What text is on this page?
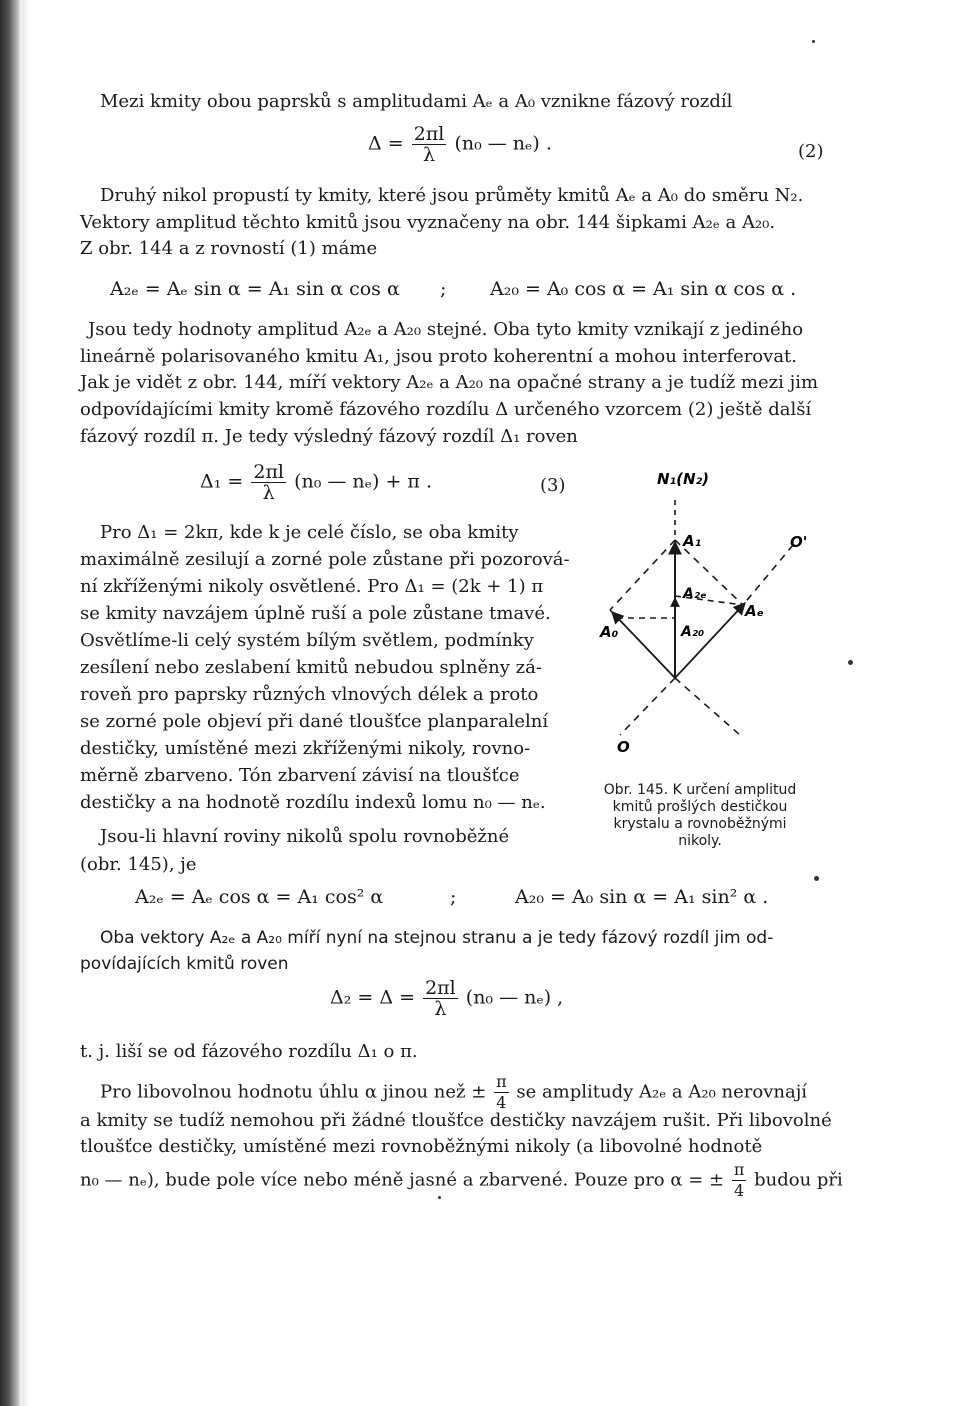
Mezi kmity obou paprsků s amplitudami Aₑ a A₀ vznikne fázový rozdíl
$\Delta = \frac{2\pi l}{\lambda} (n_0$ — nₑ) .	(2)
Druhý nikol propustí ty kmity, které jsou průměty kmitů Aₑ a A₀ do směru N₂.
Vektory amplitud těchto kmitů jsou vyznačeny na obr. 144 šipkami A₂ₑ a A₂₀.
Z obr. 144 a z rovností (1) máme
A₂ₑ = Aₑ sin α = A₁ sin α cos α ; A₂₀ = A₀ cos α = A₁ sin α cos α .
Jsou tedy hodnoty amplitud A₂ₑ a A₂₀ stejné. Oba tyto kmity vznikají z jediného
lineárně polarisovaného kmitu A₁, jsou proto koherentní a mohou interferovat.
Jak je vidět z obr. 144, míří vektory A₂ₑ a A₂₀ na opačné strany a je tudíž mezi jim
odpovídajícími kmity kromě fázového rozdílu Δ určeného vzorcem (2) ještě další
fázový rozdíl π. Je tedy výsledný fázový rozdíl Δ₁ roven
$\Delta_1 = \frac{2\pi l}{\lambda} (n_0$ — nₑ) + π .	(3)
Pro Δ₁ = 2kπ, kde k je celé číslo, se oba kmity
maximálně zesilují a zorné pole zůstane při pozorová-
ní zkříženými nikoly osvětlené. Pro Δ₁ = (2k + 1) π
se kmity navzájem úplně ruší a pole zůstane tmavé.
Osvětlíme-li celý systém bílým světlem, podmínky
zesílení nebo zeslabení kmitů nebudou splněny zá-
roveň pro paprsky různých vlnových délek a proto
se zorné pole objeví při dané tloušťce planparalelní
destičky, umístěné mezi zkříženými nikoly, rovno-
měrně zbarveno. Tón zbarvení závisí na tloušťce
destičky a na hodnotě rozdílu indexů lomu n₀ — nₑ.
Jsou-li hlavní roviny nikolů spolu rovnoběžné
(obr. 145), je
N₁(N₂)
A₁	O'
A₂ₑ
Aₑ
A₀	A₂₀
O
Obr. 145. K určení amplitud
kmitů prošlých destičkou
krystalu a rovnoběžnými
nikoly.
A₂ₑ = Aₑ cos α = A₁ cos² α	;	A₂₀ = A₀ sin α = A₁ sin² α .
Oba vektory A₂ₑ a A₂₀ míří nyní na stejnou stranu a je tedy fázový rozdíl jim od-
povídajících kmitů roven
$\Delta_2 = \Delta = \frac{2\pi l}{\lambda} (n_0$ — nₑ) ,
t. j. liší se od fázového rozdílu Δ₁ o π.
Pro libovolnou hodnotu úhlu α jinou než ± $\frac{\pi}{4}$ se amplitudy A₂ₑ a A₂₀ nerovnají
a kmity se tudíž nemohou při žádné tloušťce destičky navzájem rušit. Při libovolné
tloušťce destičky, umístěné mezi rovnoběžnými nikoly (a libovolné hodnotě
n₀ — nₑ), bude pole více nebo méně jasné a zbarvené. Pouze pro α = ± $\frac{\pi}{4}$ budou při
